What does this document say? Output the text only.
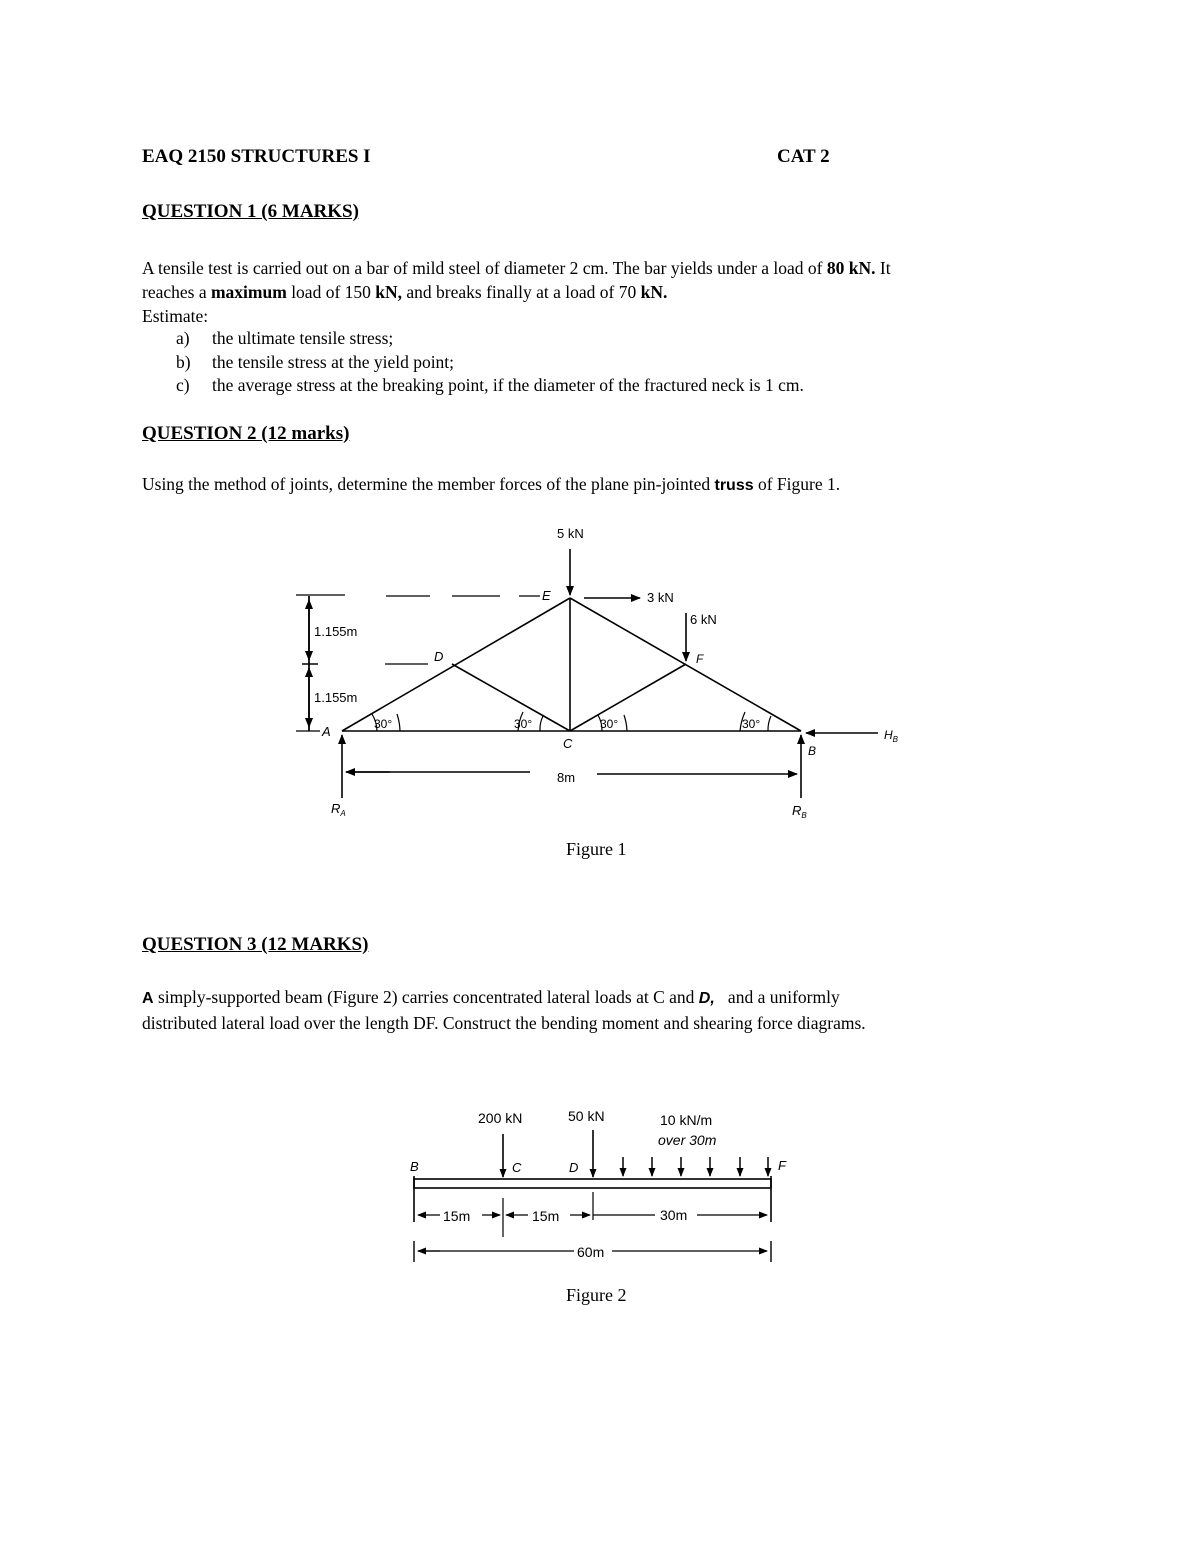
EAQ 2150 STRUCTURES I	CAT 2
QUESTION 1 (6 MARKS)
A tensile test is carried out on a bar of mild steel of diameter 2 cm. The bar yields under a load of 80 kN. It
reaches a maximum load of 150 kN, and breaks finally at a load of 70 kN.
Estimate:
a)	the ultimate tensile stress;
b)	the tensile stress at the yield point;
c)	the average stress at the breaking point, if the diameter of the fractured neck is 1 cm.
QUESTION 2 (12 marks)
Using the method of joints, determine the member forces of the plane pin-jointed truss of Figure 1.
1.155m
1.155m
30°	30°	30°	30°
5 kN
3 kN
6 kN
A
E
D	F
C	B
$R_A$	$R_B$
$H_B$
8m
Figure 1
QUESTION 3 (12 MARKS)
A simply-supported beam (Figure 2) carries concentrated lateral loads at C and D,   and a uniformly
distributed lateral load over the length DF. Construct the bending moment and shearing force diagrams.
200 kN	50 kN	10 kN/m
over 30m
B	C	D	F
15m	15m	30m
60m
Figure 2
